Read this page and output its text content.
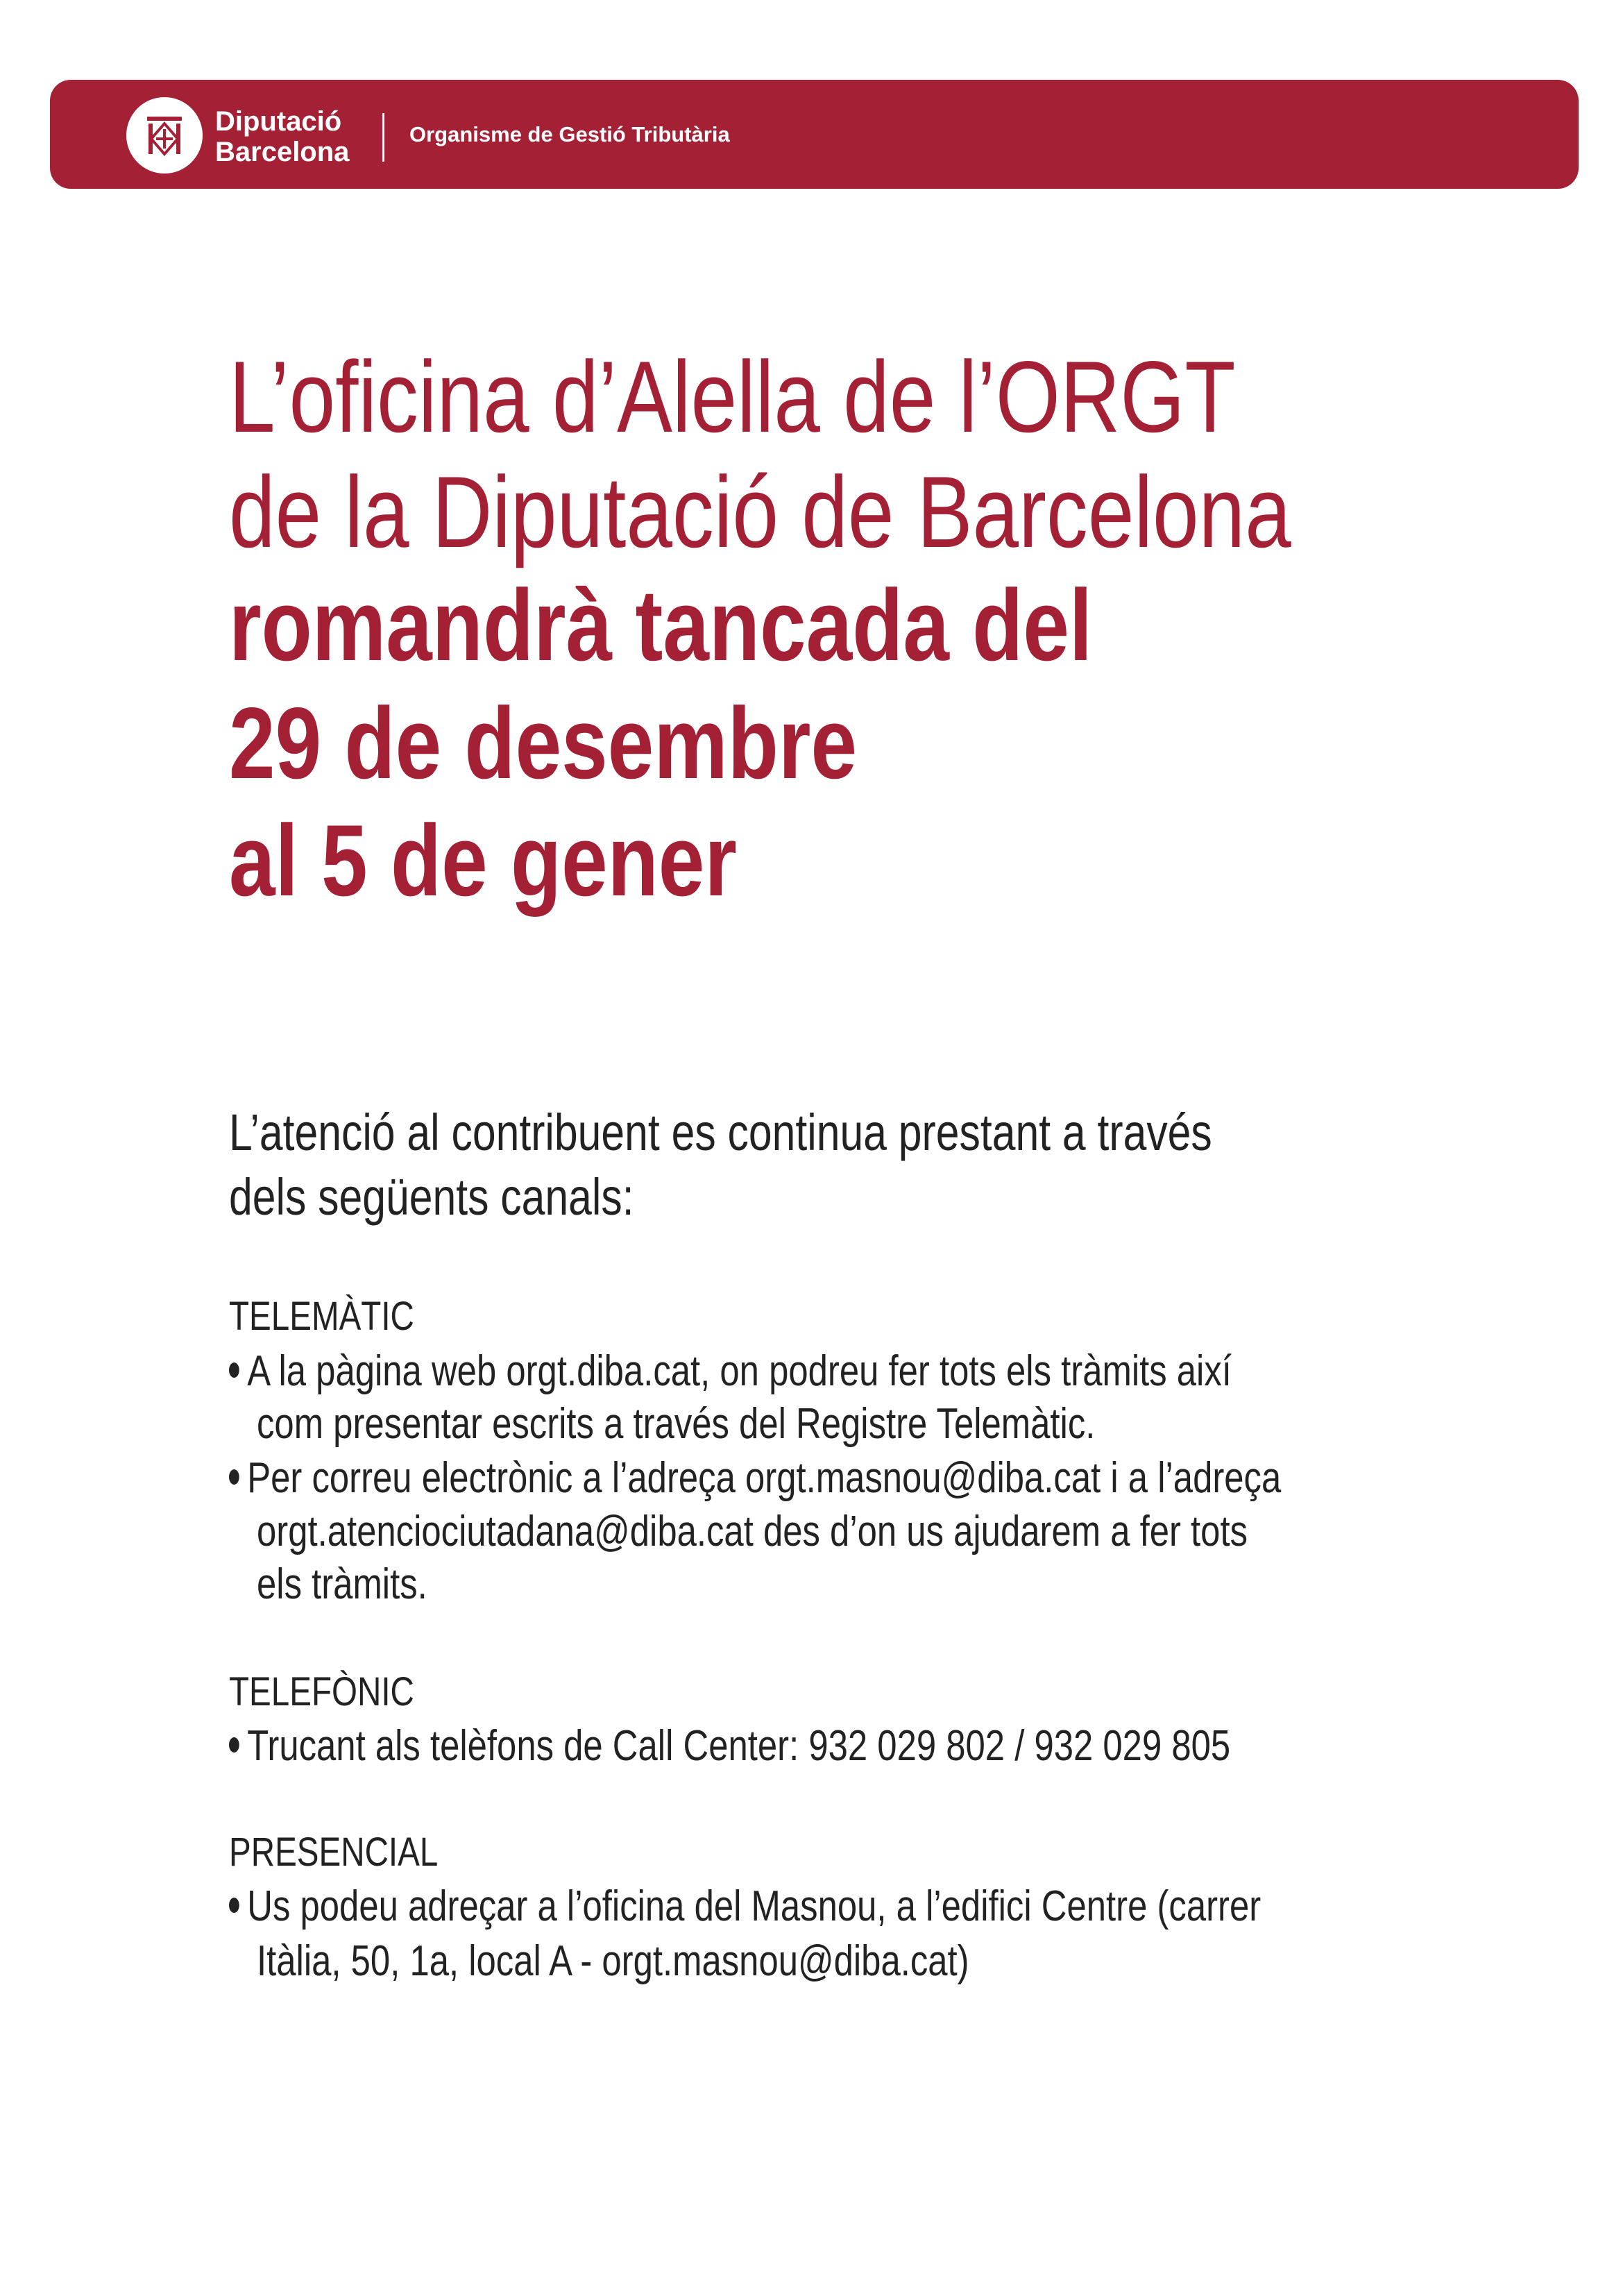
Diputació
Barcelona
Organisme de Gestió Tributària
L’oficina d’Alella de l’ORGT
de la Diputació de Barcelona
romandrà tancada del
29 de desembre
al 5 de gener
L’atenció al contribuent es continua prestant a través
dels següents canals:
TELEMÀTIC
A la pàgina web orgt.diba.cat, on podreu fer tots els tràmits així
com presentar escrits a través del Registre Telemàtic.
Per correu electrònic a l’adreça orgt.masnou@diba.cat i a l’adreça
orgt.atenciociutadana@diba.cat des d’on us ajudarem a fer tots
els tràmits.
TELEFÒNIC
Trucant als telèfons de Call Center: 932 029 802 / 932 029 805
PRESENCIAL
Us podeu adreçar a l’oficina del Masnou, a l’edifici Centre (carrer
Itàlia, 50, 1a, local A - orgt.masnou@diba.cat)
